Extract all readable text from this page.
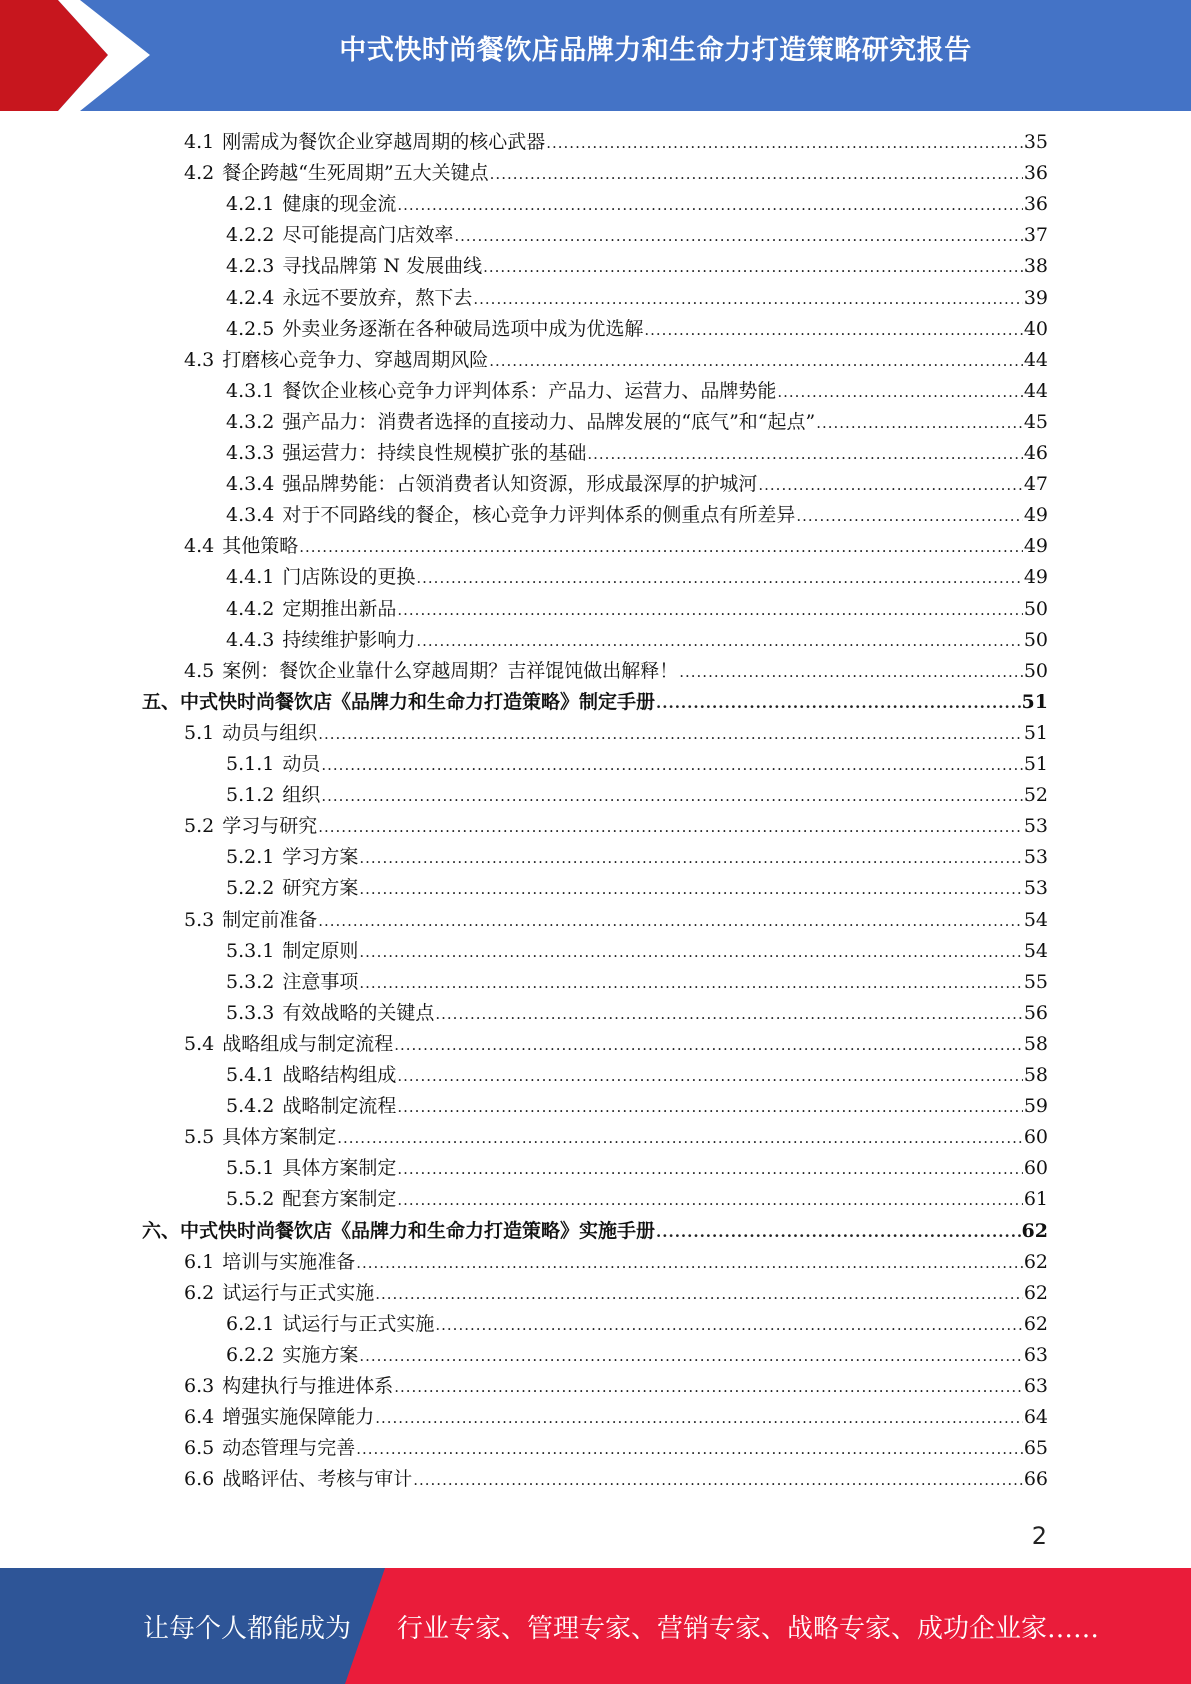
中式快时尚餐饮店品牌力和生命力打造策略研究报告
4.1 刚需成为餐饮企业穿越周期的核心武器 .....	35
4.2 餐企跨越“生死周期”五大关键点 .....	36
4.2.1 健康的现金流 .....	36
4.2.2 尽可能提高门店效率 .....	37
4.2.3 寻找品牌第 N 发展曲线 .....	38
4.2.4 永远不要放弃，熬下去 .....	39
4.2.5 外卖业务逐渐在各种破局选项中成为优选解 .....	40
4.3 打磨核心竞争力、穿越周期风险 .....	44
4.3.1 餐饮企业核心竞争力评判体系：产品力、运营力、品牌势能 .....	44
4.3.2 强产品力：消费者选择的直接动力、品牌发展的“底气”和“起点” .....	45
4.3.3 强运营力：持续良性规模扩张的基础 .....	46
4.3.4 强品牌势能：占领消费者认知资源，形成最深厚的护城河 .....	47
4.3.4 对于不同路线的餐企，核心竞争力评判体系的侧重点有所差异 .....	49
4.4 其他策略 .....	49
4.4.1 门店陈设的更换 .....	49
4.4.2 定期推出新品 .....	50
4.4.3 持续维护影响力 .....	50
4.5 案例：餐饮企业靠什么穿越周期？吉祥馄饨做出解释！ .....	50
五、 中式快时尚餐饮店《品牌力和生命力打造策略》制定手册 .....	51
5.1 动员与组织 .....	51
5.1.1 动员 .....	51
5.1.2 组织 .....	52
5.2 学习与研究 .....	53
5.2.1 学习方案 .....	53
5.2.2 研究方案 .....	53
5.3 制定前准备 .....	54
5.3.1 制定原则 .....	54
5.3.2 注意事项 .....	55
5.3.3 有效战略的关键点 .....	56
5.4 战略组成与制定流程 .....	58
5.4.1 战略结构组成 .....	58
5.4.2 战略制定流程 .....	59
5.5 具体方案制定 .....	60
5.5.1 具体方案制定 .....	60
5.5.2 配套方案制定 .....	61
六、 中式快时尚餐饮店《品牌力和生命力打造策略》实施手册 .....	62
6.1 培训与实施准备 .....	62
6.2 试运行与正式实施 .....	62
6.2.1 试运行与正式实施 .....	62
6.2.2 实施方案 .....	63
6.3 构建执行与推进体系 .....	63
6.4 增强实施保障能力 .....	64
6.5 动态管理与完善 .....	65
6.6 战略评估、考核与审计 .....	66
2
让每个人都能成为 行业专家、管理专家、营销专家、战略专家、成功企业家……
